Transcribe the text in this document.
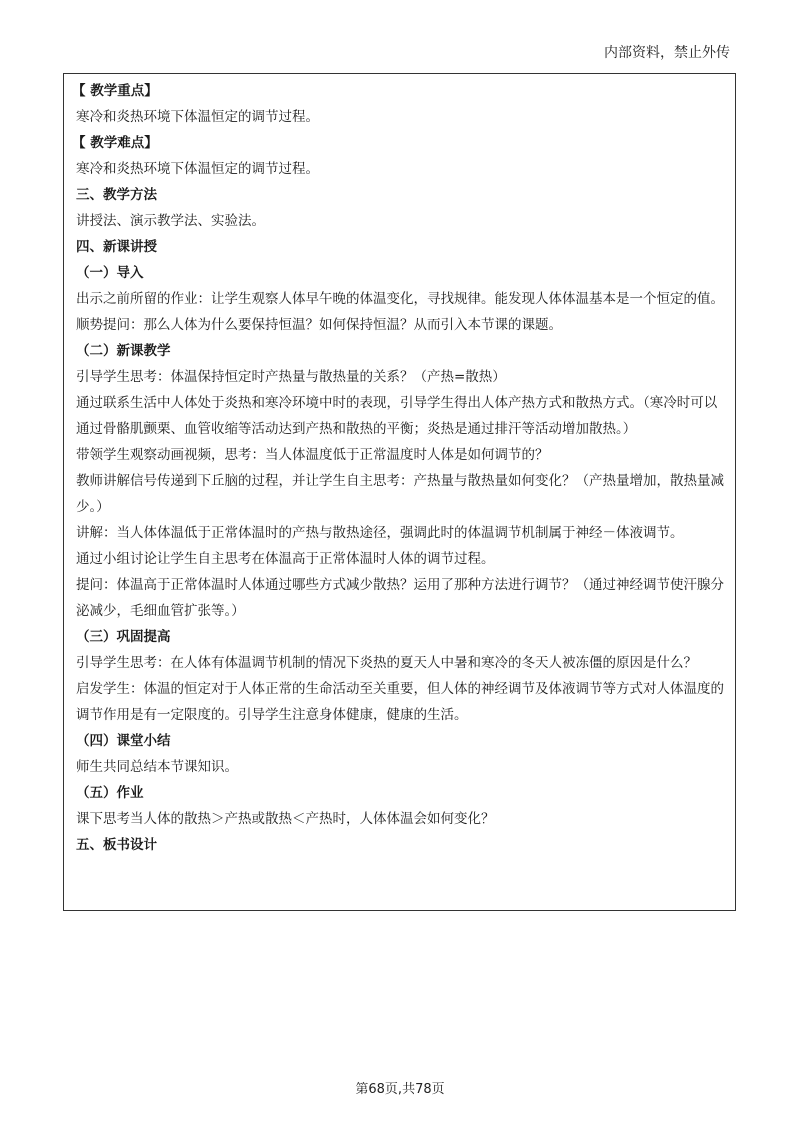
内部资料，禁止外传

【 教学重点】

寒冷和炎热环境下体温恒定的调节过程。

【 教学难点】

寒冷和炎热环境下体温恒定的调节过程。

三、教学方法

讲授法、演示教学法、实验法。

四、新课讲授

（一）导入

出示之前所留的作业：让学生观察人体早午晚的体温变化，寻找规律。能发现人体体温基本是一个恒定的值。

顺势提问：那么人体为什么要保持恒温？如何保持恒温？从而引入本节课的课题。

（二）新课教学

引导学生思考：体温保持恒定时产热量与散热量的关系？（产热=散热）

通过联系生活中人体处于炎热和寒冷环境中时的表现，引导学生得出人体产热方式和散热方式。（寒冷时可以通过骨骼肌颤栗、血管收缩等活动达到产热和散热的平衡；炎热是通过排汗等活动增加散热。）

带领学生观察动画视频，思考：当人体温度低于正常温度时人体是如何调节的？

教师讲解信号传递到下丘脑的过程，并让学生自主思考：产热量与散热量如何变化？（产热量增加，散热量减少。）

讲解：当人体体温低于正常体温时的产热与散热途径，强调此时的体温调节机制属于神经－体液调节。

通过小组讨论让学生自主思考在体温高于正常体温时人体的调节过程。

提问：体温高于正常体温时人体通过哪些方式减少散热？运用了那种方法进行调节？（通过神经调节使汗腺分泌减少，毛细血管扩张等。）

（三）巩固提高

引导学生思考：在人体有体温调节机制的情况下炎热的夏天人中暑和寒冷的冬天人被冻僵的原因是什么？

启发学生：体温的恒定对于人体正常的生命活动至关重要，但人体的神经调节及体液调节等方式对人体温度的调节作用是有一定限度的。引导学生注意身体健康，健康的生活。

（四）课堂小结

师生共同总结本节课知识。

（五）作业

课下思考当人体的散热＞产热或散热＜产热时，人体体温会如何变化？

五、板书设计

第68页,共78页
